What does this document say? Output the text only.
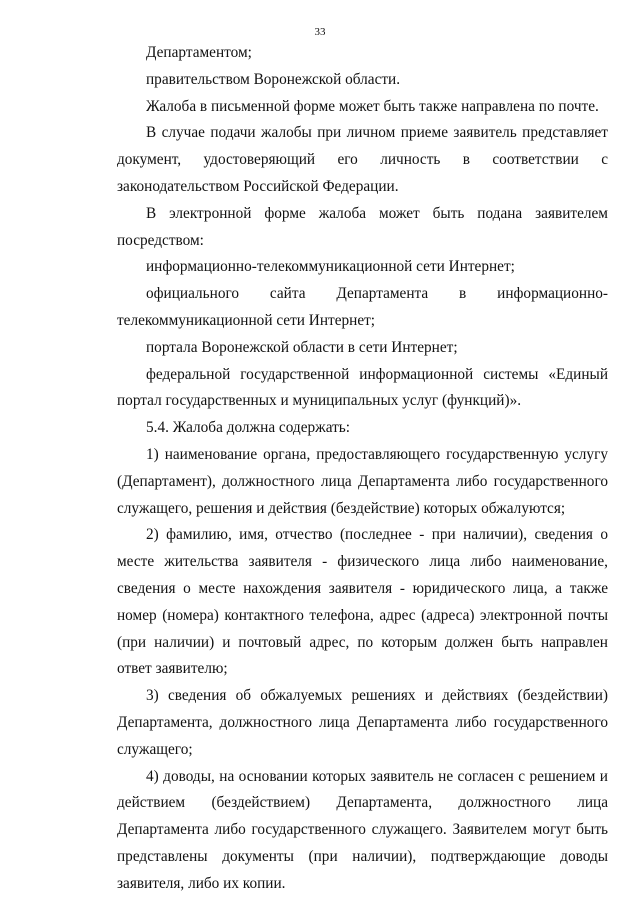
33

Департаментом;

правительством Воронежской области.

Жалоба в письменной форме может быть также направлена по почте.

В случае подачи жалобы при личном приеме заявитель представляет документ, удостоверяющий его личность в соответствии с законодательством Российской Федерации.

В электронной форме жалоба может быть подана заявителем посредством:

информационно-телекоммуникационной сети Интернет;

официального сайта Департамента в информационно-телекоммуникационной сети Интернет;

портала Воронежской области в сети Интернет;

федеральной государственной информационной системы «Единый портал государственных и муниципальных услуг (функций)».

5.4. Жалоба должна содержать:

1) наименование органа, предоставляющего государственную услугу (Департамент), должностного лица Департамента либо государственного служащего, решения и действия (бездействие) которых обжалуются;

2) фамилию, имя, отчество (последнее - при наличии), сведения о месте жительства заявителя - физического лица либо наименование, сведения о месте нахождения заявителя - юридического лица, а также номер (номера) контактного телефона, адрес (адреса) электронной почты (при наличии) и почтовый адрес, по которым должен быть направлен ответ заявителю;

3) сведения об обжалуемых решениях и действиях (бездействии) Департамента, должностного лица Департамента либо государственного служащего;

4) доводы, на основании которых заявитель не согласен с решением и действием (бездействием) Департамента, должностного лица Департамента либо государственного служащего. Заявителем могут быть представлены документы (при наличии), подтверждающие доводы заявителя, либо их копии.
